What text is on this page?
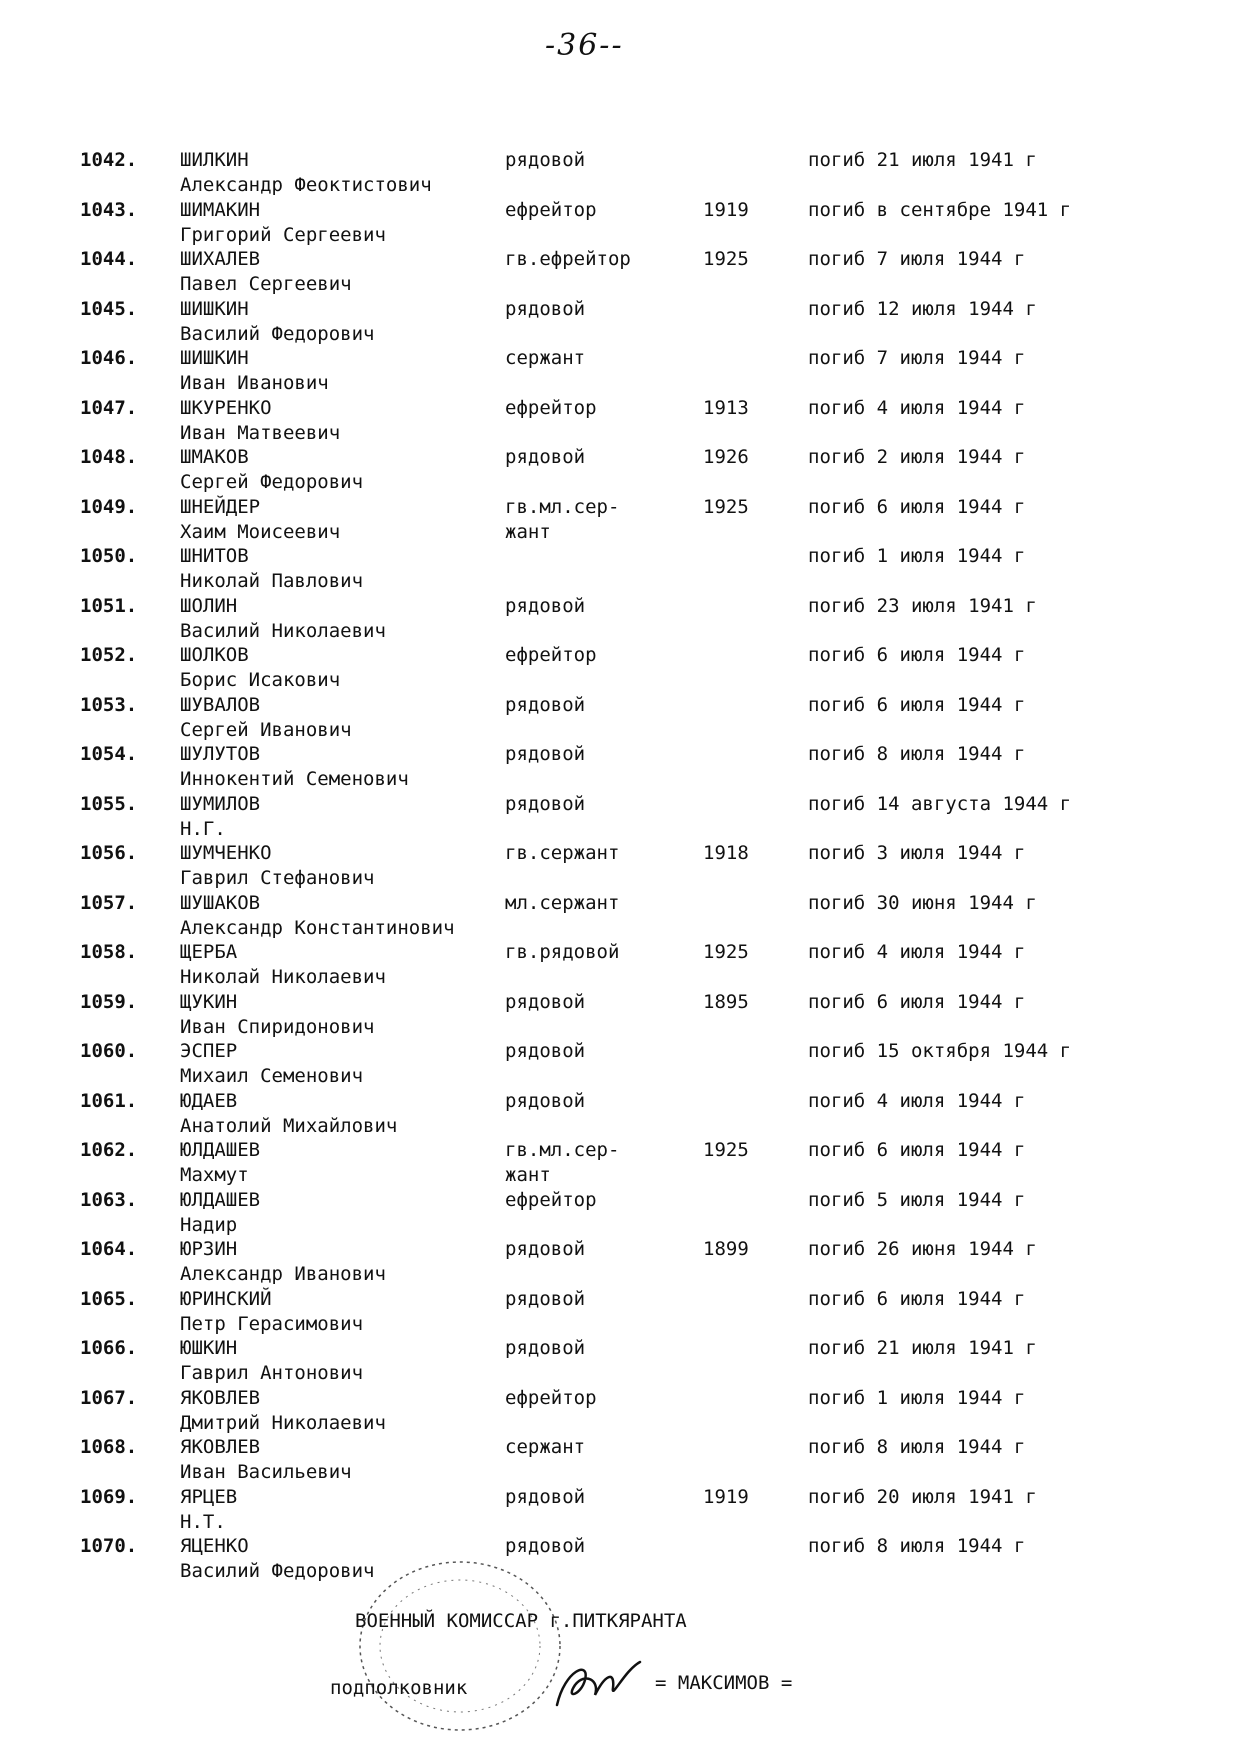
-36--
1042. ШИЛКИН
Александр Феоктистович
рядовой	погиб 21 июля 1941 г
1043. ШИМАКИН
Григорий Сергеевич
ефрейтор	1919	погиб в сентябре 1941 г
1044. ШИХАЛЕВ
Павел Сергеевич
гв.ефрейтор	1925	погиб 7 июля 1944 г
1045. ШИШКИН
Василий Федорович
рядовой	погиб 12 июля 1944 г
1046. ШИШКИН
Иван Иванович
сержант	погиб 7 июля 1944 г
1047. ШКУРЕНКО
Иван Матвеевич
ефрейтор	1913	погиб 4 июля 1944 г
1048. ШМАКОВ
Сергей Федорович
рядовой	1926	погиб 2 июля 1944 г
1049. ШНЕЙДЕР
Хаим Моисеевич
гв.мл.сер-
жант
1925	погиб 6 июля 1944 г
1050. ШНИТОВ
Николай Павлович
погиб 1 июля 1944 г
1051. ШОЛИН
Василий Николаевич
рядовой	погиб 23 июля 1941 г
1052. ШОЛКОВ
Борис Исакович
ефрейтор	погиб 6 июля 1944 г
1053. ШУВАЛОВ
Сергей Иванович
рядовой	погиб 6 июля 1944 г
1054. ШУЛУТОВ
Иннокентий Семенович
рядовой	погиб 8 июля 1944 г
1055. ШУМИЛОВ
Н.Г.
рядовой	погиб 14 августа 1944 г
1056. ШУМЧЕНКО
Гаврил Стефанович
гв.сержант	1918	погиб 3 июля 1944 г
1057. ШУШАКОВ
Александр Константинович
мл.сержант	погиб 30 июня 1944 г
1058. ЩЕРБА
Николай Николаевич
гв.рядовой	1925	погиб 4 июля 1944 г
1059. ЩУКИН
Иван Спиридонович
рядовой	1895	погиб 6 июля 1944 г
1060. ЭСПЕР
Михаил Семенович
рядовой	погиб 15 октября 1944 г
1061. ЮДАЕВ
Анатолий Михайлович
рядовой	погиб 4 июля 1944 г
1062. ЮЛДАШЕВ
Махмут
гв.мл.сер-
жант
1925	погиб 6 июля 1944 г
1063. ЮЛДАШЕВ
Надир
ефрейтор	погиб 5 июля 1944 г
1064. ЮРЗИН
Александр Иванович
рядовой	1899	погиб 26 июня 1944 г
1065. ЮРИНСКИЙ
Петр Герасимович
рядовой	погиб 6 июля 1944 г
1066. ЮШКИН
Гаврил Антонович
рядовой	погиб 21 июля 1941 г
1067. ЯКОВЛЕВ
Дмитрий Николаевич
ефрейтор	погиб 1 июля 1944 г
1068. ЯКОВЛЕВ
Иван Васильевич
сержант	погиб 8 июля 1944 г
1069. ЯРЦЕВ
Н.Т.
рядовой	1919	погиб 20 июля 1941 г
1070. ЯЦЕНКО
Василий Федорович
рядовой	погиб 8 июля 1944 г
ВОЕННЫЙ КОМИССАР г.ПИТКЯРАНТА
подполковник	= МАКСИМОВ =
